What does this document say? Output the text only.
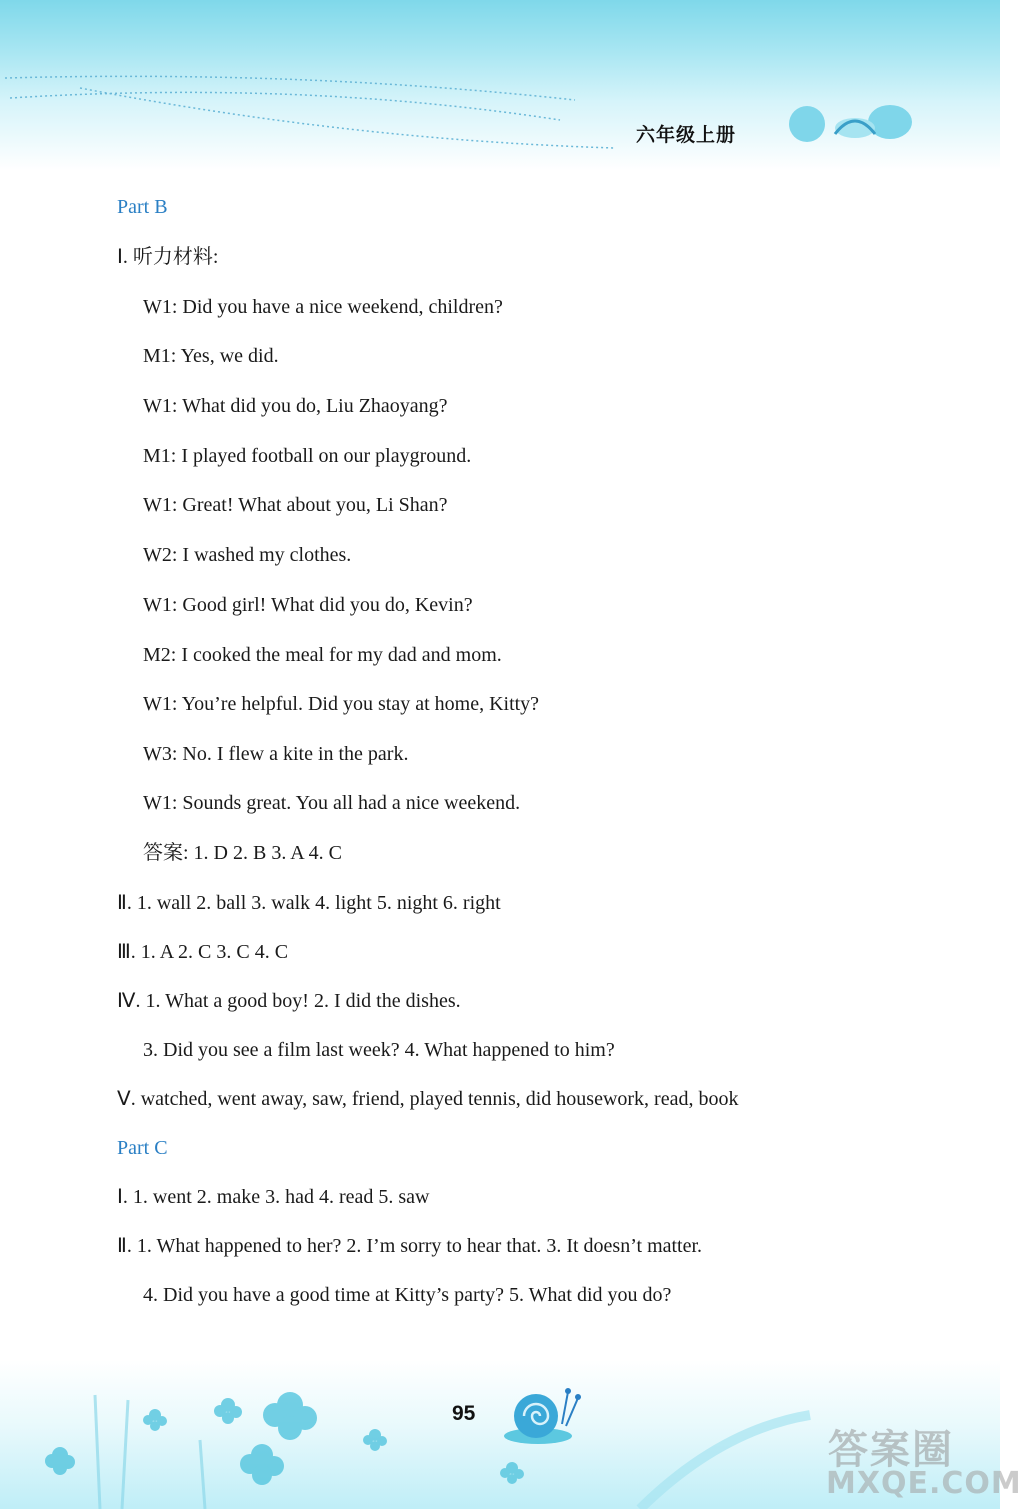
六年级上册
Part B
Ⅰ. 听力材料:
W1: Did you have a nice weekend, children?
M1: Yes, we did.
W1: What did you do, Liu Zhaoyang?
M1: I played football on our playground.
W1: Great! What about you, Li Shan?
W2: I washed my clothes.
W1: Good girl! What did you do, Kevin?
M2: I cooked the meal for my dad and mom.
W1: You’re helpful. Did you stay at home, Kitty?
W3: No. I flew a kite in the park.
W1: Sounds great. You all had a nice weekend.
答案: 1. D 2. B 3. A 4. C
Ⅱ. 1. wall 2. ball 3. walk 4. light 5. night 6. right
Ⅲ. 1. A 2. C 3. C 4. C
Ⅳ. 1. What a good boy! 2. I did the dishes.
3. Did you see a film last week? 4. What happened to him?
Ⅴ. watched, went away, saw, friend, played tennis, did housework, read, book
Part C
Ⅰ. 1. went 2. make 3. had 4. read 5. saw
Ⅱ. 1. What happened to her? 2. I’m sorry to hear that. 3. It doesn’t matter.
4. Did you have a good time at Kitty’s party? 5. What did you do?
95
答案圈
MXQE.COM
